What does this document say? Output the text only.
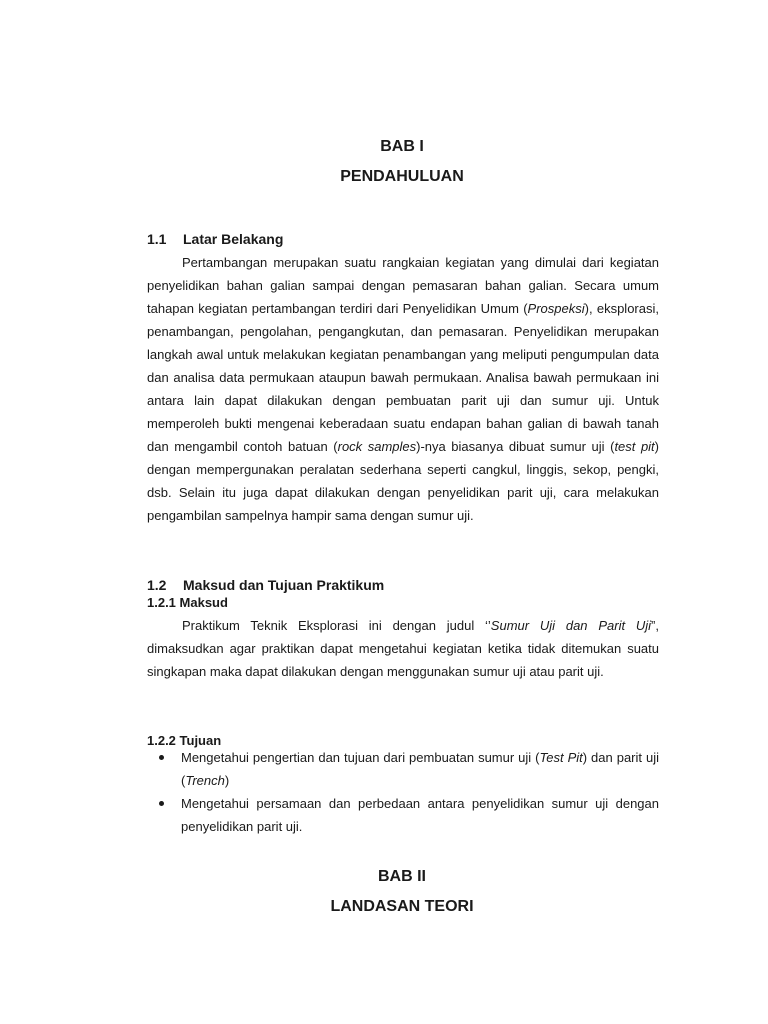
BAB I
PENDAHULUAN
1.1 Latar Belakang

Pertambangan merupakan suatu rangkaian kegiatan yang dimulai dari kegiatan penyelidikan bahan galian sampai dengan pemasaran bahan galian. Secara umum tahapan kegiatan pertambangan terdiri dari Penyelidikan Umum (Prospeksi), eksplorasi, penambangan, pengolahan, pengangkutan, dan pemasaran. Penyelidikan merupakan langkah awal untuk melakukan kegiatan penambangan yang meliputi pengumpulan data dan analisa data permukaan ataupun bawah permukaan. Analisa bawah permukaan ini antara lain dapat dilakukan dengan pembuatan parit uji dan sumur uji. Untuk memperoleh bukti mengenai keberadaan suatu endapan bahan galian di bawah tanah dan mengambil contoh batuan (rock samples)-nya biasanya dibuat sumur uji (test pit) dengan mempergunakan peralatan sederhana seperti cangkul, linggis, sekop, pengki, dsb. Selain itu juga dapat dilakukan dengan penyelidikan parit uji, cara melakukan pengambilan sampelnya hampir sama dengan sumur uji.

1.2 Maksud dan Tujuan Praktikum
1.2.1 Maksud

Praktikum Teknik Eksplorasi ini dengan judul ‘’Sumur Uji dan Parit Uji”, dimaksudkan agar praktikan dapat mengetahui kegiatan ketika tidak ditemukan suatu singkapan maka dapat dilakukan dengan menggunakan sumur uji atau parit uji.

1.2.2 Tujuan
Mengetahui pengertian dan tujuan dari pembuatan sumur uji (Test Pit) dan parit uji (Trench)
Mengetahui persamaan dan perbedaan antara penyelidikan sumur uji dengan penyelidikan parit uji.
BAB II
LANDASAN TEORI
